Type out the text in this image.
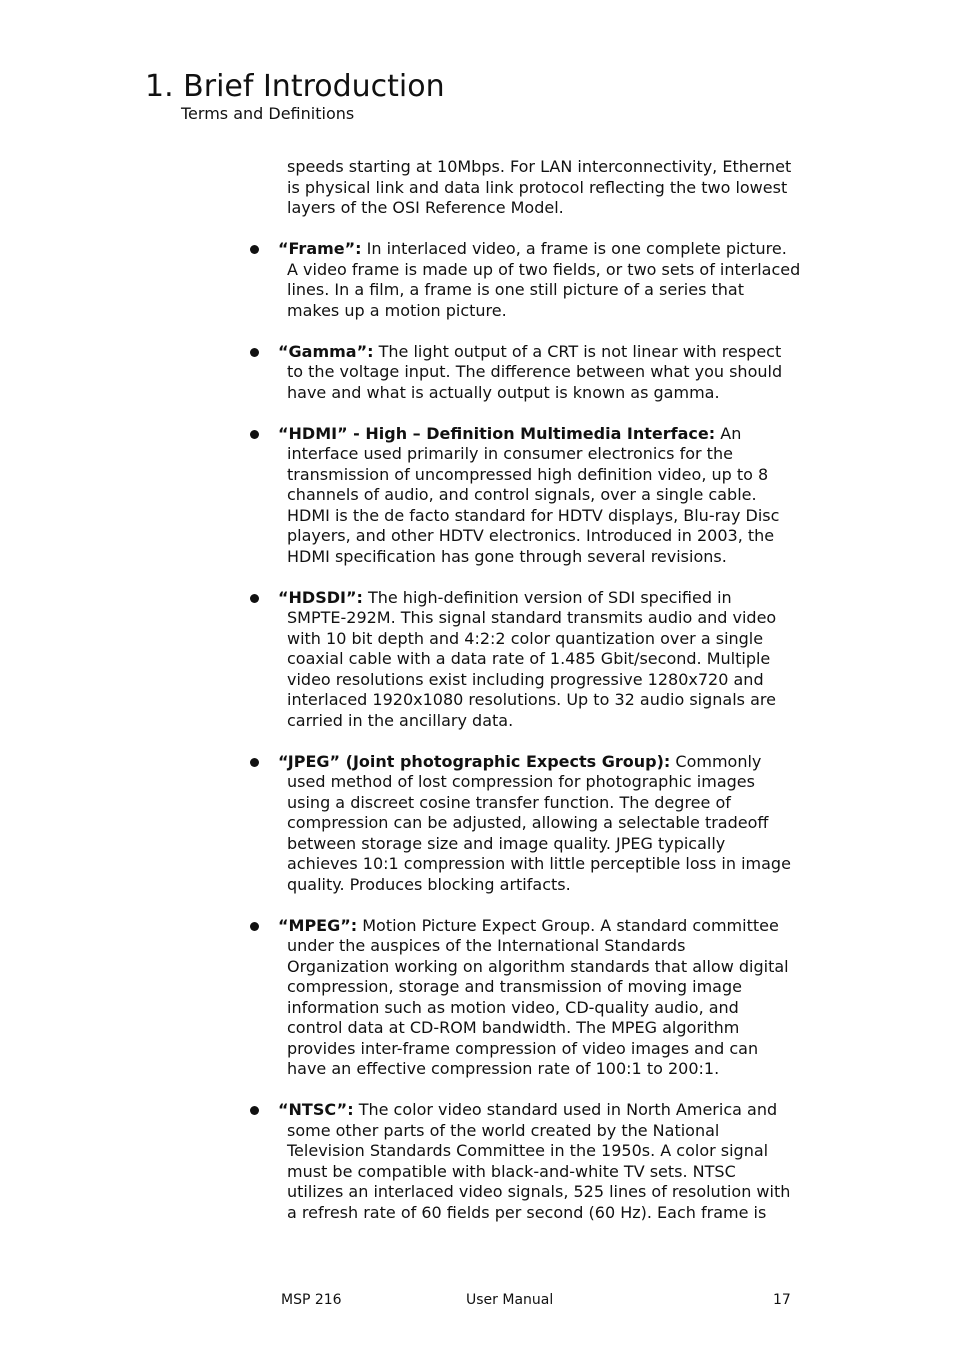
1. Brief Introduction
Terms and Definitions

speeds starting at 10Mbps. For LAN interconnectivity, Ethernet

is physical link and data link protocol reflecting the two lowest

layers of the OSI Reference Model.

“Frame”: In interlaced video, a frame is one complete picture.

A video frame is made up of two fields, or two sets of interlaced

lines. In a film, a frame is one still picture of a series that

makes up a motion picture.

“Gamma”: The light output of a CRT is not linear with respect

to the voltage input. The difference between what you should

have and what is actually output is known as gamma.

“HDMI” - High – Definition Multimedia Interface: An

interface used primarily in consumer electronics for the

transmission of uncompressed high definition video, up to 8

channels of audio, and control signals, over a single cable.

HDMI is the de facto standard for HDTV displays, Blu-ray Disc

players, and other HDTV electronics. Introduced in 2003, the

HDMI specification has gone through several revisions.

“HDSDI”: The high-definition version of SDI specified in

SMPTE-292M. This signal standard transmits audio and video

with 10 bit depth and 4:2:2 color quantization over a single

coaxial cable with a data rate of 1.485 Gbit/second. Multiple

video resolutions exist including progressive 1280x720 and

interlaced 1920x1080 resolutions. Up to 32 audio signals are

carried in the ancillary data.

“JPEG” (Joint photographic Expects Group): Commonly

used method of lost compression for photographic images

using a discreet cosine transfer function. The degree of

compression can be adjusted, allowing a selectable tradeoff

between storage size and image quality. JPEG typically

achieves 10:1 compression with little perceptible loss in image

quality. Produces blocking artifacts.

“MPEG”: Motion Picture Expect Group. A standard committee

under the auspices of the International Standards

Organization working on algorithm standards that allow digital

compression, storage and transmission of moving image

information such as motion video, CD-quality audio, and

control data at CD-ROM bandwidth. The MPEG algorithm

provides inter-frame compression of video images and can

have an effective compression rate of 100:1 to 200:1.

“NTSC”: The color video standard used in North America and

some other parts of the world created by the National

Television Standards Committee in the 1950s. A color signal

must be compatible with black-and-white TV sets. NTSC

utilizes an interlaced video signals, 525 lines of resolution with

a refresh rate of 60 fields per second (60 Hz). Each frame is

MSP 216	User Manual	17
